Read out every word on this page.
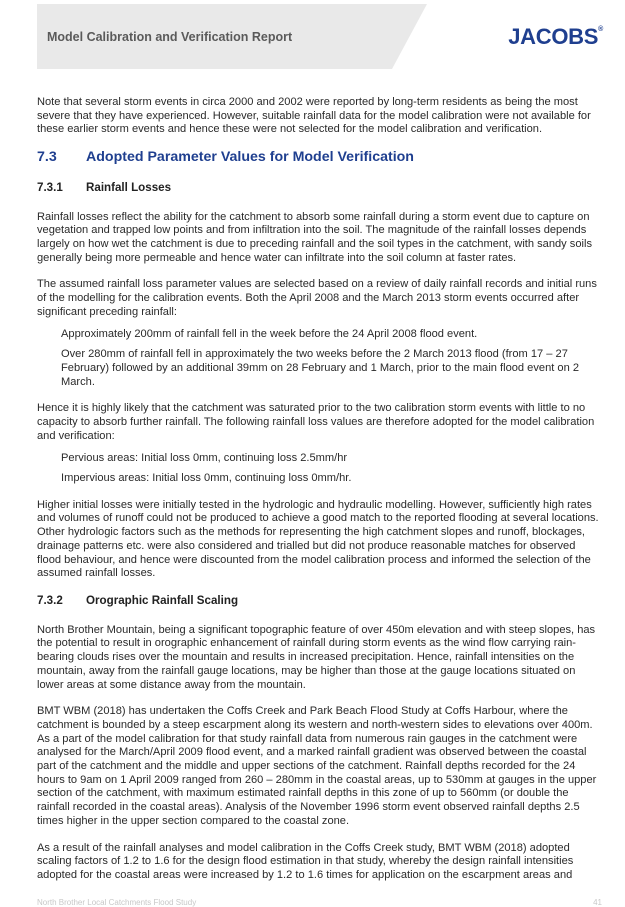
Model Calibration and Verification Report	JACOBS®

Note that several storm events in circa 2000 and 2002 were reported by long-term residents as being the most severe that they have experienced. However, suitable rainfall data for the model calibration were not available for these earlier storm events and hence these were not selected for the model calibration and verification.

7.3	Adopted Parameter Values for Model Verification
7.3.1	Rainfall Losses

Rainfall losses reflect the ability for the catchment to absorb some rainfall during a storm event due to capture on vegetation and trapped low points and from infiltration into the soil. The magnitude of the rainfall losses depends largely on how wet the catchment is due to preceding rainfall and the soil types in the catchment, with sandy soils generally being more permeable and hence water can infiltrate into the soil column at faster rates.

The assumed rainfall loss parameter values are selected based on a review of daily rainfall records and initial runs of the modelling for the calibration events. Both the April 2008 and the March 2013 storm events occurred after significant preceding rainfall:

Approximately 200mm of rainfall fell in the week before the 24 April 2008 flood event.
Over 280mm of rainfall fell in approximately the two weeks before the 2 March 2013 flood (from 17 – 27 February) followed by an additional 39mm on 28 February and 1 March, prior to the main flood event on 2 March.

Hence it is highly likely that the catchment was saturated prior to the two calibration storm events with little to no capacity to absorb further rainfall. The following rainfall loss values are therefore adopted for the model calibration and verification:

Pervious areas: Initial loss 0mm, continuing loss 2.5mm/hr
Impervious areas: Initial loss 0mm, continuing loss 0mm/hr.

Higher initial losses were initially tested in the hydrologic and hydraulic modelling. However, sufficiently high rates and volumes of runoff could not be produced to achieve a good match to the reported flooding at several locations. Other hydrologic factors such as the methods for representing the high catchment slopes and runoff, blockages, drainage patterns etc. were also considered and trialled but did not produce reasonable matches for observed flood behaviour, and hence were discounted from the model calibration process and informed the selection of the assumed rainfall losses.

7.3.2	Orographic Rainfall Scaling

North Brother Mountain, being a significant topographic feature of over 450m elevation and with steep slopes, has the potential to result in orographic enhancement of rainfall during storm events as the wind flow carrying rain-bearing clouds rises over the mountain and results in increased precipitation. Hence, rainfall intensities on the mountain, away from the rainfall gauge locations, may be higher than those at the gauge locations situated on lower areas at some distance away from the mountain.

BMT WBM (2018) has undertaken the Coffs Creek and Park Beach Flood Study at Coffs Harbour, where the catchment is bounded by a steep escarpment along its western and north-western sides to elevations over 400m. As a part of the model calibration for that study rainfall data from numerous rain gauges in the catchment were analysed for the March/April 2009 flood event, and a marked rainfall gradient was observed between the coastal part of the catchment and the middle and upper sections of the catchment. Rainfall depths recorded for the 24 hours to 9am on 1 April 2009 ranged from 260 – 280mm in the coastal areas, up to 530mm at gauges in the upper section of the catchment, with maximum estimated rainfall depths in this zone of up to 560mm (or double the rainfall recorded in the coastal areas). Analysis of the November 1996 storm event observed rainfall depths 2.5 times higher in the upper section compared to the coastal zone.

As a result of the rainfall analyses and model calibration in the Coffs Creek study, BMT WBM (2018) adopted scaling factors of 1.2 to 1.6 for the design flood estimation in that study, whereby the design rainfall intensities adopted for the coastal areas were increased by 1.2 to 1.6 times for application on the escarpment areas and

North Brother Local Catchments Flood Study	41
